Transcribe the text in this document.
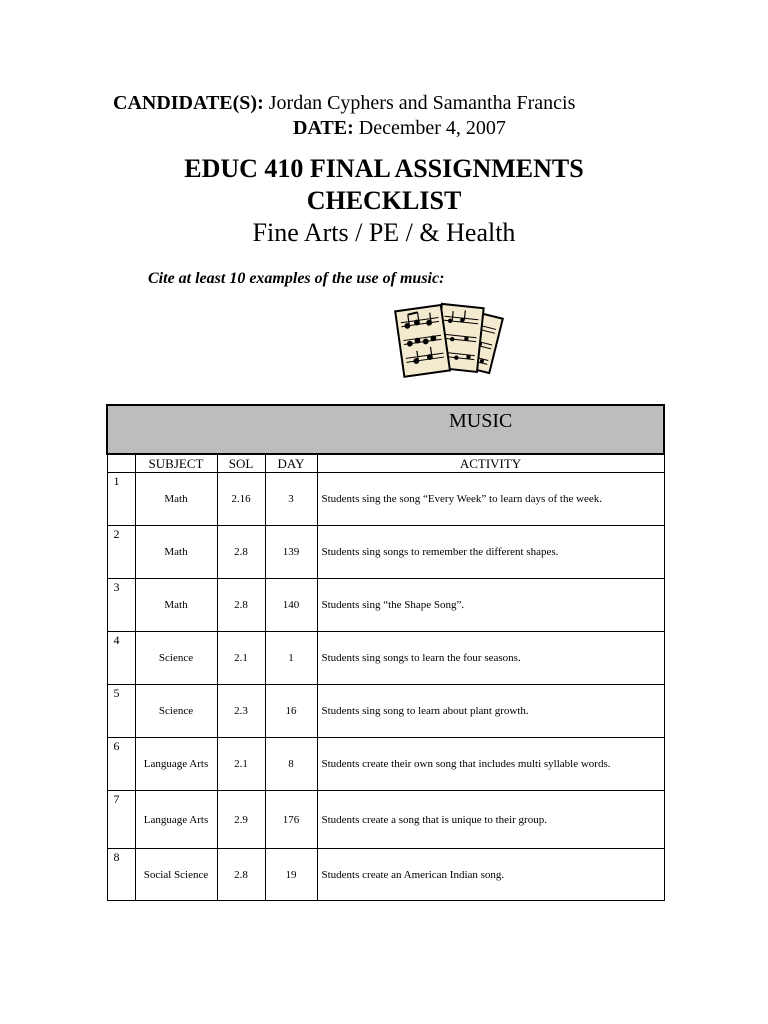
CANDIDATE(S): Jordan Cyphers and Samantha Francis
DATE: December 4, 2007
EDUC 410 FINAL ASSIGNMENTS
CHECKLIST
Fine Arts / PE / & Health
Cite at least 10 examples of the use of music:
MUSIC				
	SUBJECT	SOL	DAY	ACTIVITY
1	Math	2.16	3	Students sing the song “Every Week” to learn days of the week.
2	Math	2.8	139	Students sing songs to remember the different shapes.
3	Math	2.8	140	Students sing “the Shape Song”.
4	Science	2.1	1	Students sing songs to learn the four seasons.
5	Science	2.3	16	Students sing song to learn about plant growth.
6	Language Arts	2.1	8	Students create their own song that includes multi syllable words.
7	Language Arts	2.9	176	Students create a song that is unique to their group.
8	Social Science	2.8	19	Students create an American Indian song.
